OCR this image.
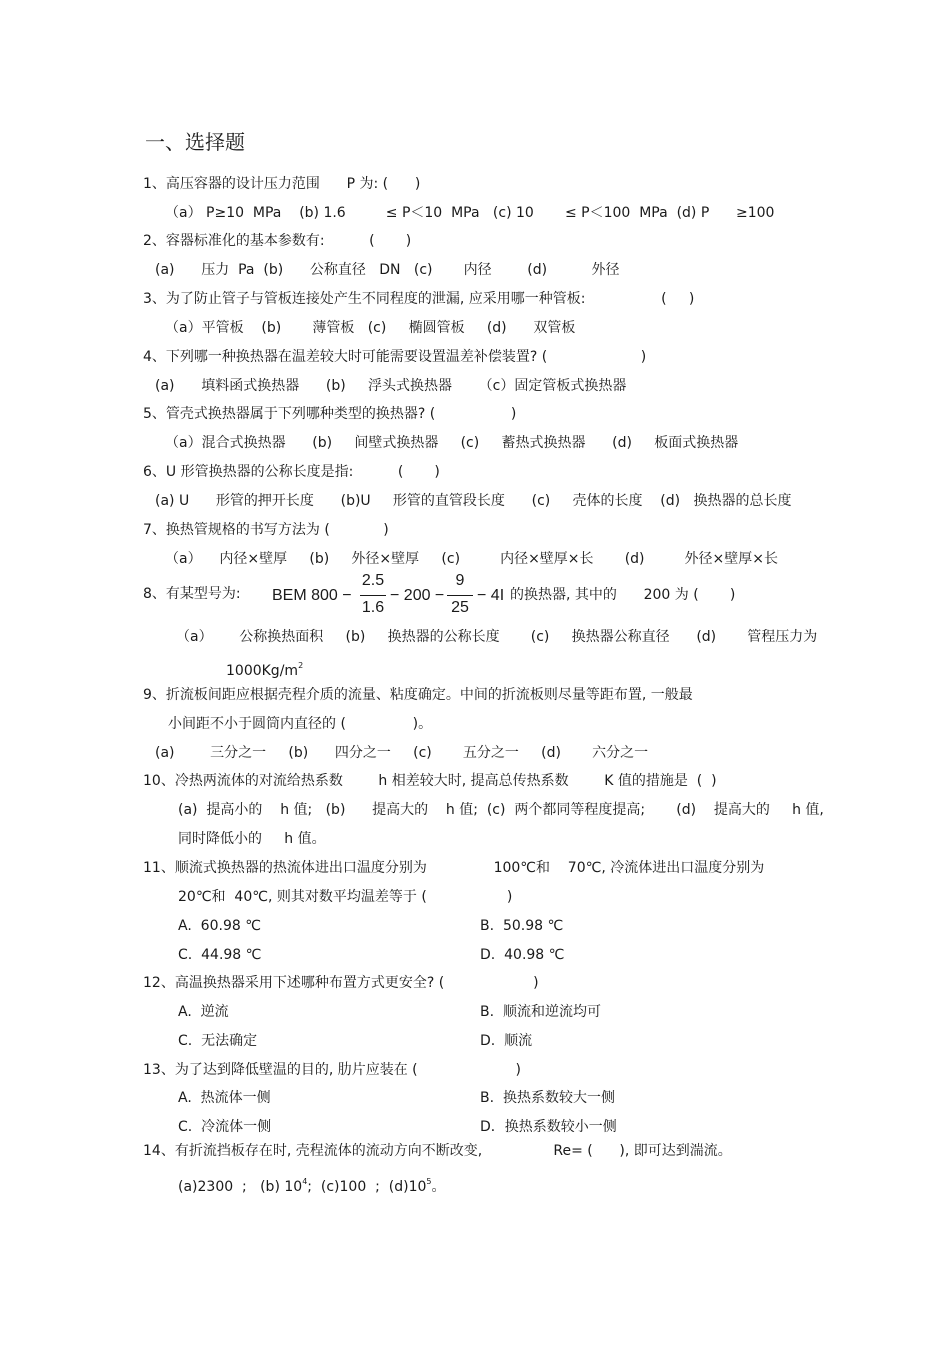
一、选择题
1、高压容器的设计压力范围      P 为: (      )
（a） P≥10  MPa    (b) 1.6         ≤ P＜10  MPa   (c) 10       ≤ P＜100  MPa  (d) P      ≥100
2、容器标准化的基本参数有:          (       )
(a)      压力  Pa  (b)      公称直径   DN   (c)       内径        (d)          外径
3、为了防止管子与管板连接处产生不同程度的泄漏, 应采用哪一种管板:                 (     )
（a）平管板    (b)       薄管板   (c)     椭圆管板     (d)      双管板
4、下列哪一种换热器在温差较大时可能需要设置温差补偿装置? (                     )
(a)      填料函式换热器      (b)     浮头式换热器      （c）固定管板式换热器
5、管壳式换热器属于下列哪种类型的换热器? (                 )
（a）混合式换热器      (b)     间壁式换热器     (c)     蓄热式换热器      (d)     板面式换热器
6、U 形管换热器的公称长度是指:          (       )
(a) U      形管的押开长度      (b)U     形管的直管段长度      (c)     壳体的长度    (d)   换热器的总长度
7、换热管规格的书写方法为 (            )
（a）    内径×壁厚     (b)     外径×壁厚     (c)         内径×壁厚×长       (d)         外径×壁厚×长
8、有某型号为: BEM 800 −
2.5
1.6
− 200 −
9
25
− 4I 的换热器, 其中的      200 为 (       )
（a）      公称换热面积     (b)     换热器的公称长度       (c)     换热器公称直径      (d)       管程压力为
$1000Kg/m^2$
9、折流板间距应根据壳程介质的流量、粘度确定。中间的折流板则尽量等距布置, 一般最
小间距不小于圆筒内直径的 (               )。
(a)        三分之一     (b)      四分之一     (c)       五分之一     (d)       六分之一
10、冷热两流体的对流给热系数        h 相差较大时, 提高总传热系数        K 值的措施是  (  )
(a)  提高小的    h 值;   (b)      提高大的    h 值;  (c)  两个都同等程度提高;       (d)    提高大的     h 值,
同时降低小的     h 值。
11、顺流式换热器的热流体进出口温度分别为               100℃和    70℃, 冷流体进出口温度分别为
20℃和  40℃, 则其对数平均温差等于 (                  )
A.  60.98 ℃	B.  50.98 ℃
C.  44.98 ℃	D.  40.98 ℃
12、高温换热器采用下述哪种布置方式更安全? (                    )
A.  逆流	B.  顺流和逆流均可
C.  无法确定	D.  顺流
13、为了达到降低壁温的目的, 肋片应装在 (                      )
A.  热流体一侧	B.  换热系数较大一侧
C.  冷流体一侧	D．换热系数较小一侧
14、有折流挡板存在时, 壳程流体的流动方向不断改变,                Re= (      ), 即可达到湍流。
(a)2300  ;   (b) $10^4$;  (c)100  ;  $(d)10^5$。
